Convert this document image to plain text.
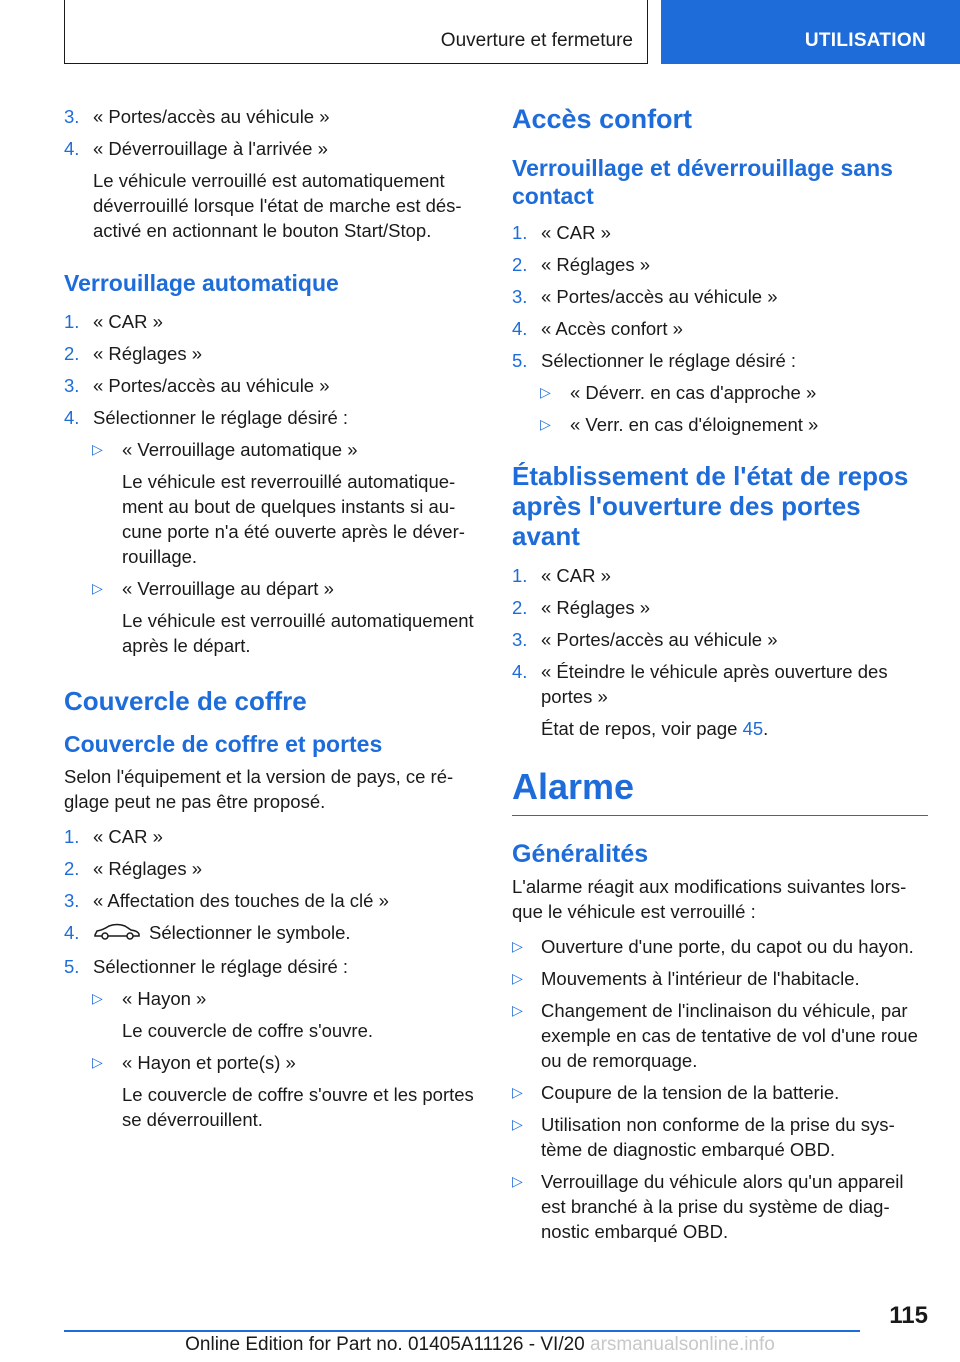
Ouverture et fermeture	UTILISATION
3. « Portes/accès au véhicule »
4. « Déverrouillage à l'arrivée »
Le véhicule verrouillé est automatiquement déverrouillé lorsque l'état de marche est désactivé en actionnant le bouton Start/Stop.
Verrouillage automatique
1. « CAR »
2. « Réglages »
3. « Portes/accès au véhicule »
4. Sélectionner le réglage désiré :
▷ « Verrouillage automatique »
Le véhicule est reverrouillé automatiquement au bout de quelques instants si aucune porte n'a été ouverte après le déverrouillage.
▷ « Verrouillage au départ »
Le véhicule est verrouillé automatiquement après le départ.
Couvercle de coffre
Couvercle de coffre et portes
Selon l'équipement et la version de pays, ce réglage peut ne pas être proposé.
1. « CAR »
2. « Réglages »
3. « Affectation des touches de la clé »
4.	Sélectionner le symbole.
5. Sélectionner le réglage désiré :
▷ « Hayon »
Le couvercle de coffre s'ouvre.
▷ « Hayon et porte(s) »
Le couvercle de coffre s'ouvre et les portes se déverrouillent.
Accès confort
Verrouillage et déverrouillage sans contact
1. « CAR »
2. « Réglages »
3. « Portes/accès au véhicule »
4. « Accès confort »
5. Sélectionner le réglage désiré :
▷ « Déverr. en cas d'approche »
▷ « Verr. en cas d'éloignement »
Établissement de l'état de repos après l'ouverture des portes avant
1. « CAR »
2. « Réglages »
3. « Portes/accès au véhicule »
4. « Éteindre le véhicule après ouverture des portes »
État de repos, voir page 45.
Alarme
Généralités
L'alarme réagit aux modifications suivantes lorsque le véhicule est verrouillé :
▷ Ouverture d'une porte, du capot ou du hayon.
▷ Mouvements à l'intérieur de l'habitacle.
▷ Changement de l'inclinaison du véhicule, par exemple en cas de tentative de vol d'une roue ou de remorquage.
▷ Coupure de la tension de la batterie.
▷ Utilisation non conforme de la prise du système de diagnostic embarqué OBD.
▷ Verrouillage du véhicule alors qu'un appareil est branché à la prise du système de diagnostic embarqué OBD.
115
Online Edition for Part no. 01405A11126 - VI/20 arsmanualsonline.info
